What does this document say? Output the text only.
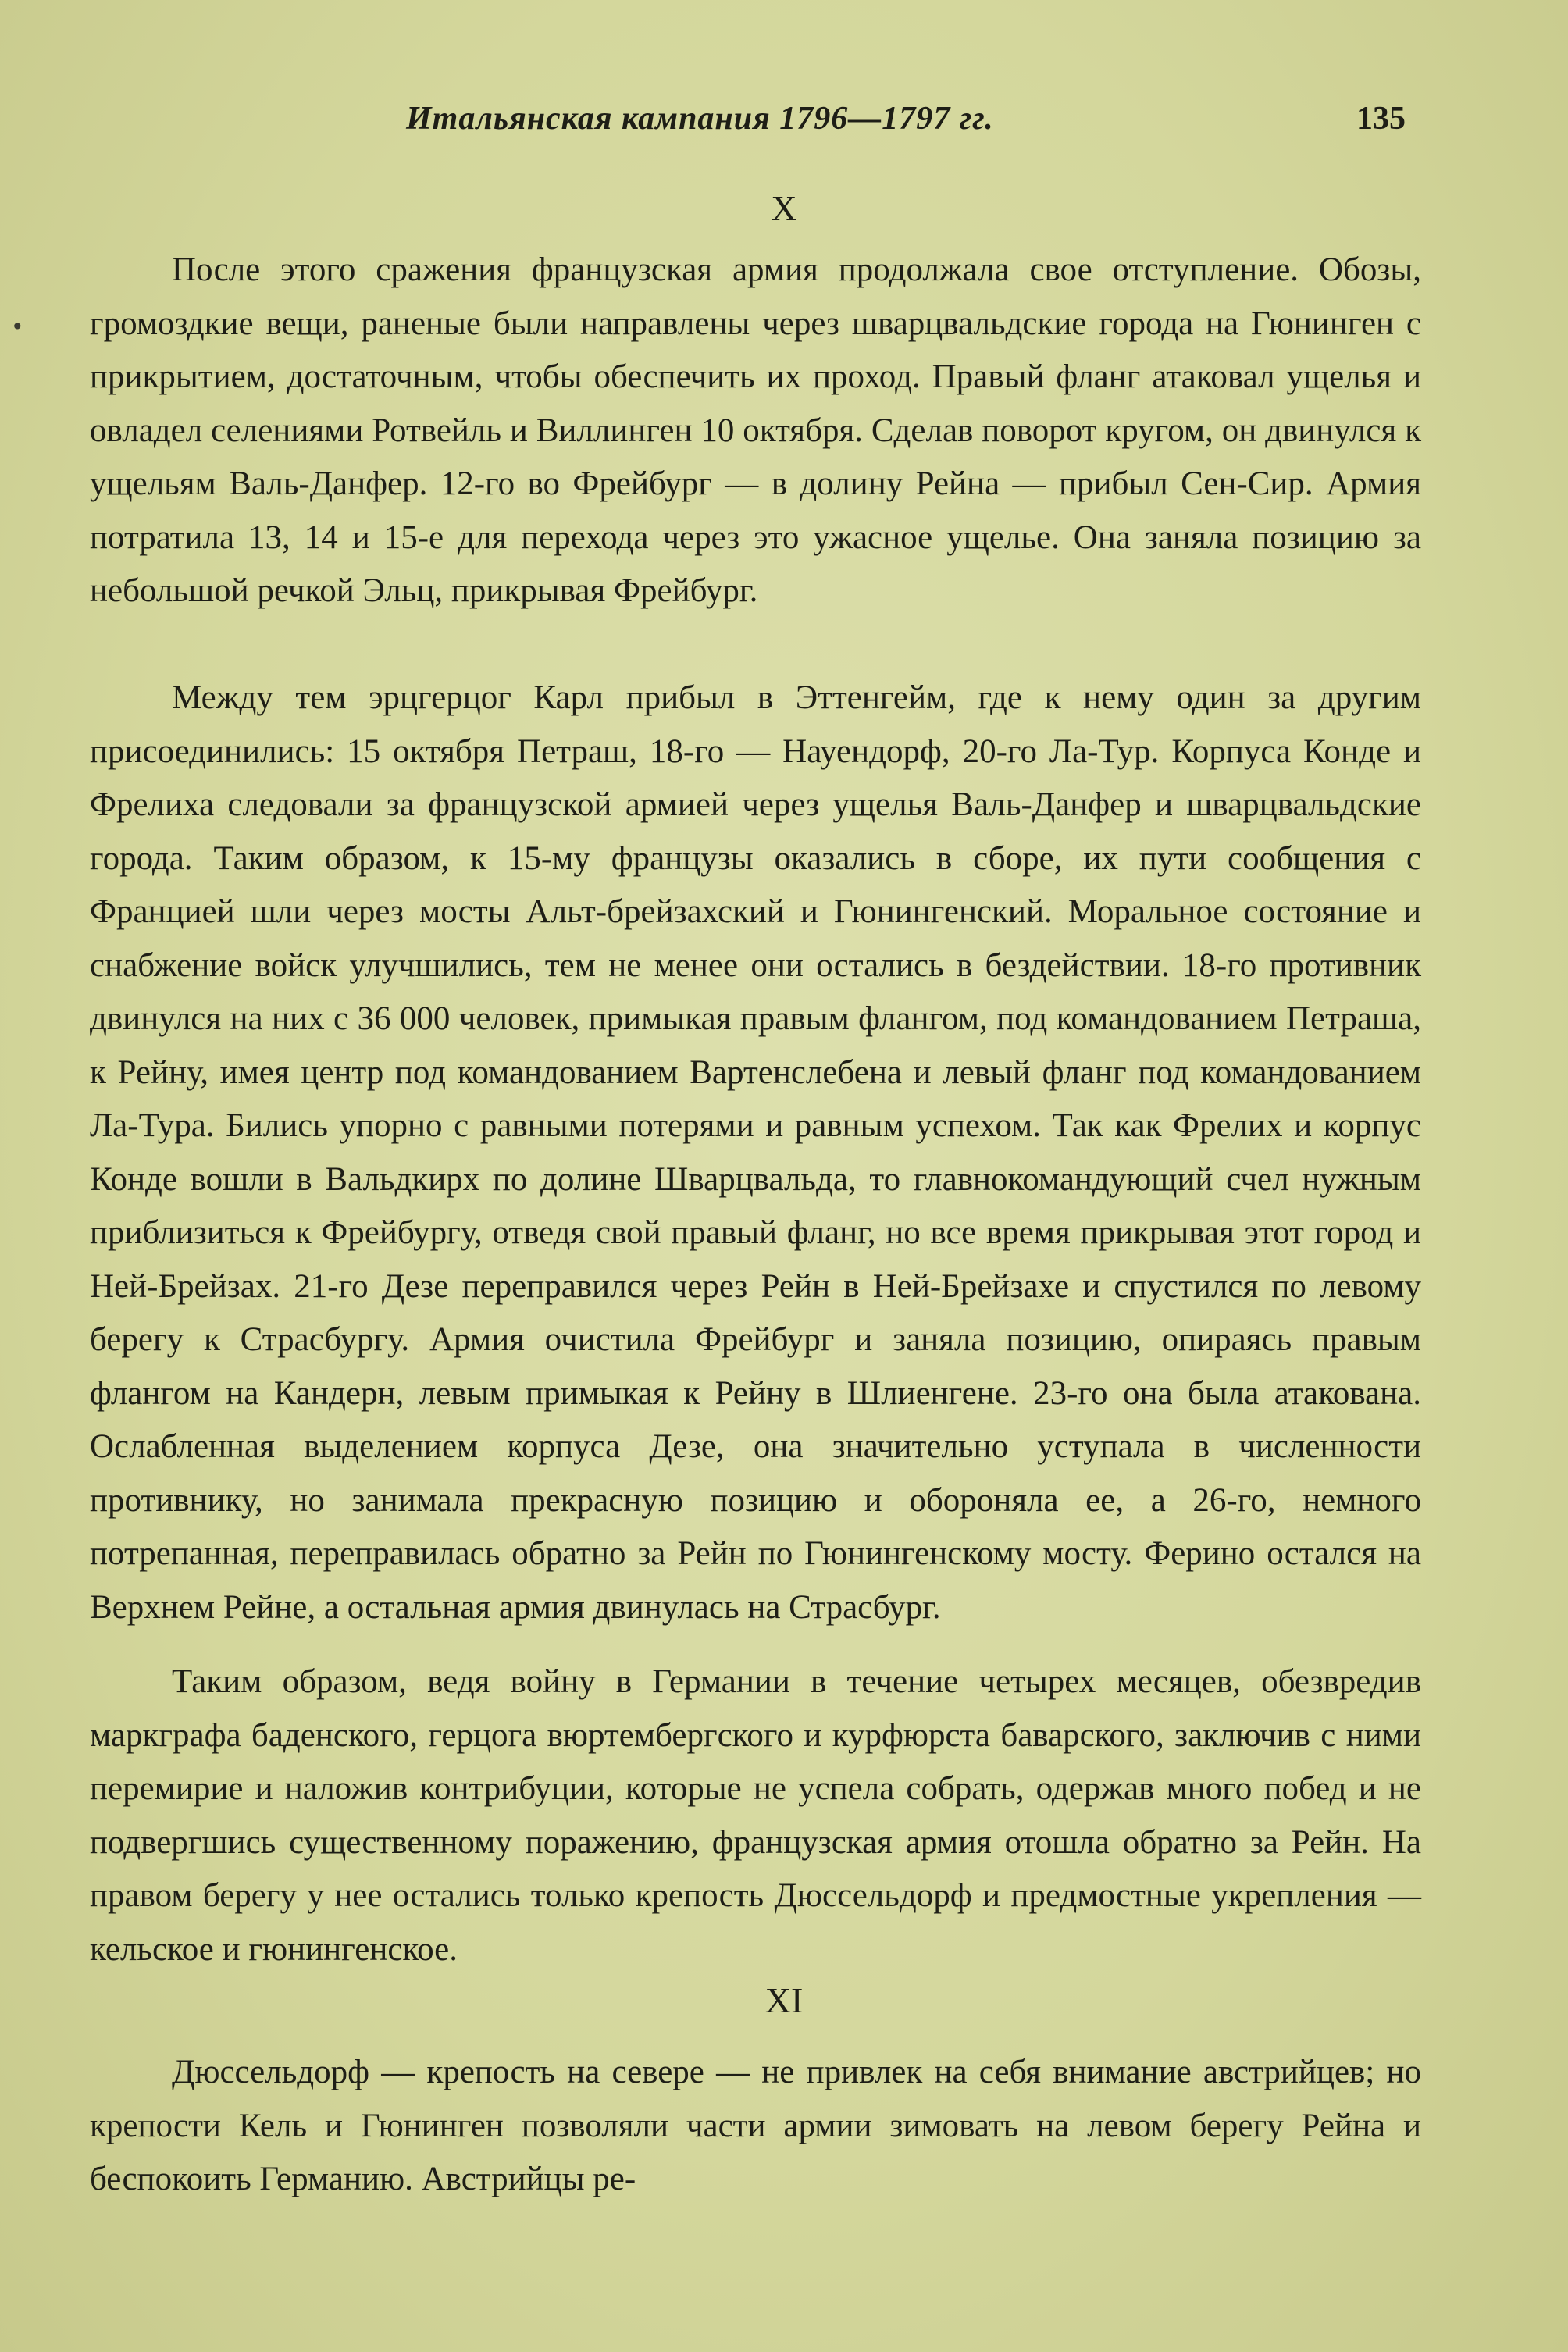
Итальянская кампания 1796—1797 гг.	135
•
X

После этого сражения французская армия продолжала свое отступление. Обозы, громоздкие вещи, раненые были направлены через шварцвальдские города на Гюнинген с прикрытием, достаточным, чтобы обеспечить их проход. Правый фланг атаковал ущелья и овладел селениями Ротвейль и Виллинген 10 октября. Сделав поворот кругом, он двинулся к ущельям Валь-Данфер. 12-го во Фрейбург — в долину Рейна — прибыл Сен-Сир. Армия потратила 13, 14 и 15-е для перехода через это ужасное ущелье. Она заняла позицию за небольшой речкой Эльц, прикрывая Фрейбург.

Между тем эрцгерцог Карл прибыл в Эттенгейм, где к нему один за другим присоединились: 15 октября Петраш, 18-го — Науендорф, 20-го Ла-Тур. Корпуса Конде и Фрелиха следовали за французской армией через ущелья Валь-Данфер и шварцвальдские города. Таким образом, к 15-му французы оказались в сборе, их пути сообщения с Францией шли через мосты Альт-брейзахский и Гюнингенский. Моральное состояние и снабжение войск улучшились, тем не менее они остались в бездействии. 18-го противник двинулся на них с 36 000 человек, примыкая правым флангом, под командованием Петраша, к Рейну, имея центр под командованием Вартенслебена и левый фланг под командованием Ла-Тура. Бились упорно с равными потерями и равным успехом. Так как Фрелих и корпус Конде вошли в Вальдкирх по долине Шварцвальда, то главнокомандующий счел нужным приблизиться к Фрейбургу, отведя свой правый фланг, но все время прикрывая этот город и Ней-Брейзах. 21-го Дезе переправился через Рейн в Ней-Брейзахе и спустился по левому берегу к Страсбургу. Армия очистила Фрейбург и заняла позицию, опираясь правым флангом на Кандерн, левым примыкая к Рейну в Шлиенгене. 23-го она была атакована. Ослабленная выделением корпуса Дезе, она значительно уступала в численности противнику, но занимала прекрасную позицию и обороняла ее, а 26-го, немного потрепанная, переправилась обратно за Рейн по Гюнингенскому мосту. Ферино остался на Верхнем Рейне, а остальная армия двинулась на Страсбург.

Таким образом, ведя войну в Германии в течение четырех месяцев, обезвредив маркграфа баденского, герцога вюртембергского и курфюрста баварского, заключив с ними перемирие и наложив контрибуции, которые не успела собрать, одержав много побед и не подвергшись существенному поражению, французская армия отошла обратно за Рейн. На правом берегу у нее остались только крепость Дюссельдорф и предмостные укрепления — кельское и гюнингенское.

XI

Дюссельдорф — крепость на севере — не привлек на себя внимание австрийцев; но крепости Кель и Гюнинген позволяли части армии зимовать на левом берегу Рейна и беспокоить Германию. Австрийцы ре-
